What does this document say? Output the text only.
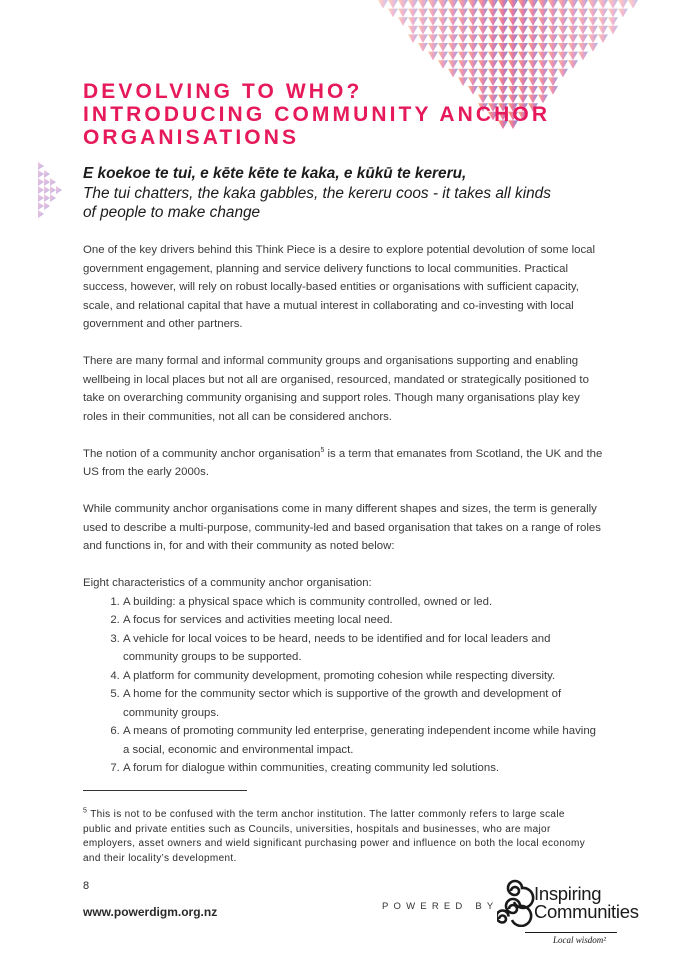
DEVOLVING TO WHO?
INTRODUCING COMMUNITY ANCHOR
ORGANISATIONS
E koekoe te tui, e kēte kēte te kaka, e kūkū te kereru,
The tui chatters, the kaka gabbles, the kereru coos - it takes all kinds of people to make change

One of the key drivers behind this Think Piece is a desire to explore potential devolution of some local government engagement, planning and service delivery functions to local communities. Practical success, however, will rely on robust locally-based entities or organisations with sufficient capacity, scale, and relational capital that have a mutual interest in collaborating and co-investing with local government and other partners.

There are many formal and informal community groups and organisations supporting and enabling wellbeing in local places but not all are organised, resourced, mandated or strategically positioned to take on overarching community organising and support roles. Though many organisations play key roles in their communities, not all can be considered anchors.

The notion of a community anchor organisation$^5$ is a term that emanates from Scotland, the UK and the US from the early 2000s.

While community anchor organisations come in many different shapes and sizes, the term is generally used to describe a multi-purpose, community-led and based organisation that takes on a range of roles and functions in, for and with their community as noted below:

Eight characteristics of a community anchor organisation:
1. A building: a physical space which is community controlled, owned or led.
2. A focus for services and activities meeting local need.
3. A vehicle for local voices to be heard, needs to be identified and for local leaders and community groups to be supported.
4. A platform for community development, promoting cohesion while respecting diversity.
5. A home for the community sector which is supportive of the growth and development of community groups.
6. A means of promoting community led enterprise, generating independent income while having a social, economic and environmental impact.
7. A forum for dialogue within communities, creating community led solutions.
$^5$ This is not to be confused with the term anchor institution. The latter commonly refers to large scale public and private entities such as Councils, universities, hospitals and businesses, who are major employers, asset owners and wield significant purchasing power and influence on both the local economy and their locality’s development.
8
www.powerdigm.org.nz	POWERED BY
Inspiring
Communities
Local wisdom²
